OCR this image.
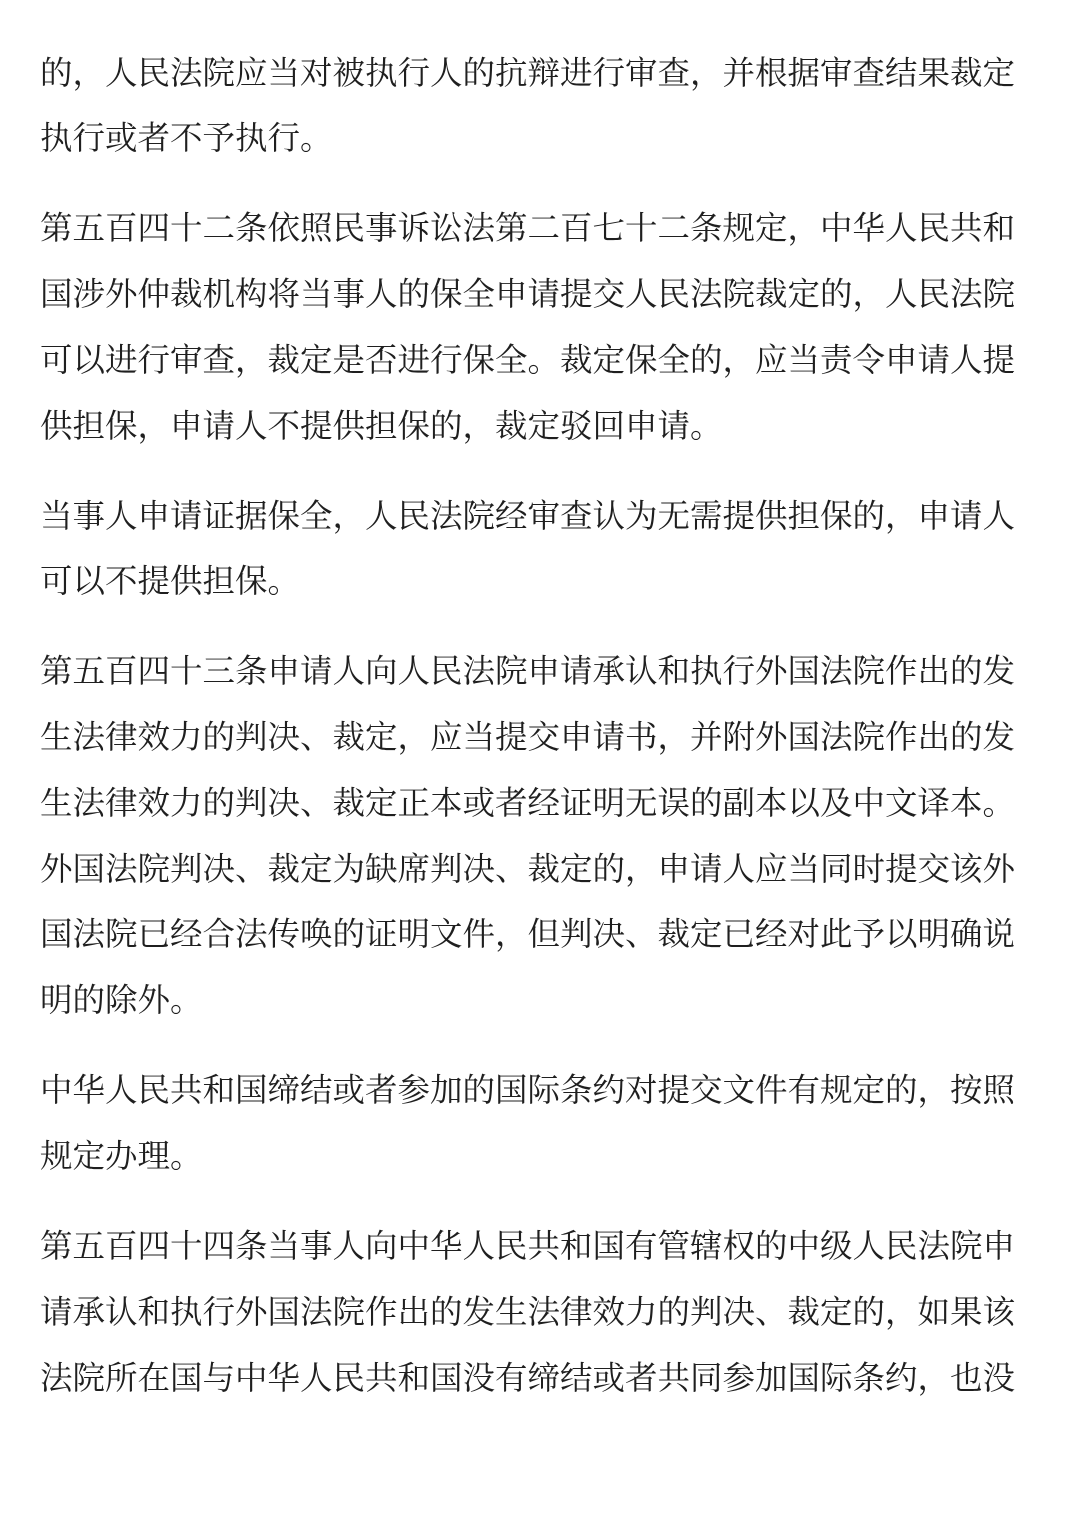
的，人民法院应当对被执行人的抗辩进行审查，并根据审查结果裁定
执行或者不予执行。
第五百四十二条依照民事诉讼法第二百七十二条规定，中华人民共和
国涉外仲裁机构将当事人的保全申请提交人民法院裁定的，人民法院
可以进行审查，裁定是否进行保全。裁定保全的，应当责令申请人提
供担保，申请人不提供担保的，裁定驳回申请。
当事人申请证据保全，人民法院经审查认为无需提供担保的，申请人
可以不提供担保。
第五百四十三条申请人向人民法院申请承认和执行外国法院作出的发
生法律效力的判决、裁定，应当提交申请书，并附外国法院作出的发
生法律效力的判决、裁定正本或者经证明无误的副本以及中文译本。
外国法院判决、裁定为缺席判决、裁定的，申请人应当同时提交该外
国法院已经合法传唤的证明文件，但判决、裁定已经对此予以明确说
明的除外。
中华人民共和国缔结或者参加的国际条约对提交文件有规定的，按照
规定办理。
第五百四十四条当事人向中华人民共和国有管辖权的中级人民法院申
请承认和执行外国法院作出的发生法律效力的判决、裁定的，如果该
法院所在国与中华人民共和国没有缔结或者共同参加国际条约，也没
